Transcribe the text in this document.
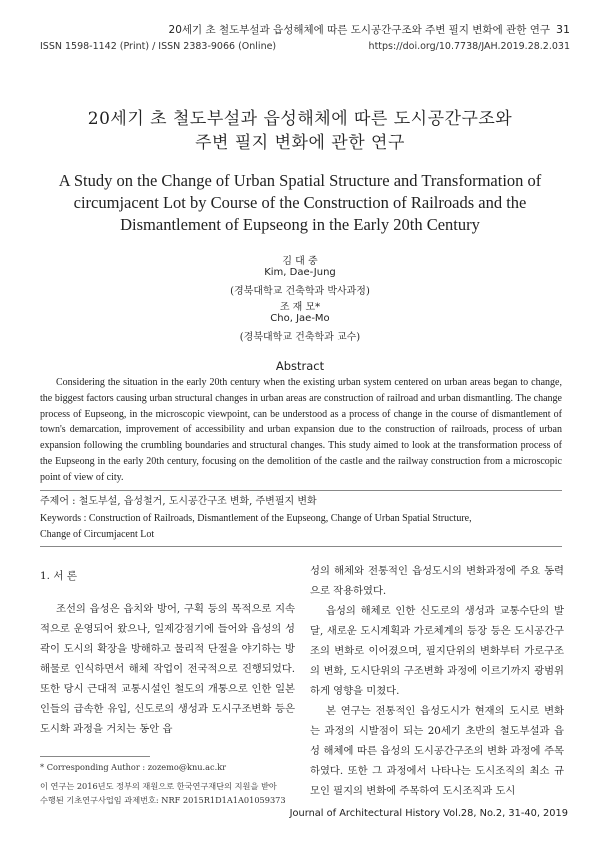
20세기 초 철도부설과 읍성해체에 따른 도시공간구조와 주변 필지 변화에 관한 연구 31
ISSN 1598-1142 (Print) / ISSN 2383-9066 (Online)	https://doi.org/10.7738/JAH.2019.28.2.031
20세기 초 철도부설과 읍성해체에 따른 도시공간구조와
주변 필지 변화에 관한 연구
A Study on the Change of Urban Spatial Structure and Transformation of circumjacent Lot by Course of the Construction of Railroads and the Dismantlement of Eupseong in the Early 20th Century
김 대 중
Kim, Dae-Jung
(경북대학교 건축학과 박사과정)
조 재 모*
Cho, Jae-Mo
(경북대학교 건축학과 교수)
Abstract
Considering the situation in the early 20th century when the existing urban system centered on urban areas began to change, the biggest factors causing urban structural changes in urban areas are construction of railroad and urban dismantling. The change process of Eupseong, in the microscopic viewpoint, can be understood as a process of change in the course of dismantlement of town's demarcation, improvement of accessibility and urban expansion due to the construction of railroads, process of urban expansion following the crumbling boundaries and structural changes. This study aimed to look at the transformation process of the Eupseong in the early 20th century, focusing on the demolition of the castle and the railway construction from a microscopic point of view of city.
주제어 : 철도부설, 읍성철거, 도시공간구조 변화, 주변필지 변화
Keywords : Construction of Railroads, Dismantlement of the Eupseong, Change of Urban Spatial Structure,
Change of Circumjacent Lot
1. 서 론

조선의 읍성은 읍치와 방어, 구획 등의 목적으로 지속적으로 운영되어 왔으나, 일제강점기에 들어와 읍성의 성곽이 도시의 확장을 방해하고 물리적 단절을 야기하는 방해물로 인식하면서 해체 작업이 전국적으로 진행되었다. 또한 당시 근대적 교통시설인 철도의 개통으로 인한 일본인들의 급속한 유입, 신도로의 생성과 도시구조변화 등은 도시화 과정을 거치는 동안 읍

* Corresponding Author : zozemo@knu.ac.kr
이 연구는 2016년도 정부의 재원으로 한국연구재단의 지원을 받아
수행된 기초연구사업임 과제번호: NRF 2015R1D1A1A01059373

성의 해체와 전통적인 읍성도시의 변화과정에 주요 동력으로 작용하였다.

읍성의 해체로 인한 신도로의 생성과 교통수단의 발달, 새로운 도시계획과 가로체계의 등장 등은 도시공간구조의 변화로 이어졌으며, 필지단위의 변화부터 가로구조의 변화, 도시단위의 구조변화 과정에 이르기까지 광범위하게 영향을 미쳤다.

본 연구는 전통적인 읍성도시가 현재의 도시로 변화는 과정의 시발점이 되는 20세기 초반의 철도부설과 읍성 해체에 따른 읍성의 도시공간구조의 변화 과정에 주목하였다. 또한 그 과정에서 나타나는 도시조직의 최소 규모인 필지의 변화에 주목하여 도시조직과 도시

Journal of Architectural History Vol.28, No.2, 31-40, 2019
